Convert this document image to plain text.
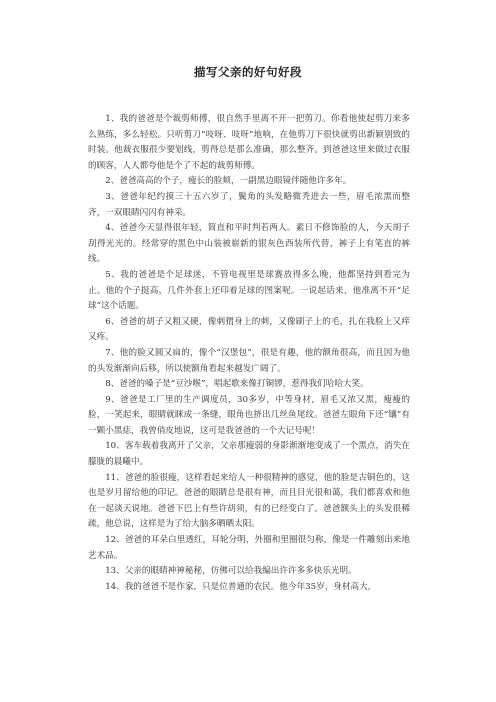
描写父亲的好句好段

1、我的爸爸是个裁剪师傅，很自然手里离不开一把剪刀。你看他使起剪刀来多么熟练，多么轻松。只听剪刀“吱呀、吱呀”地响，在他剪刀下很快就剪出新颖别致的时装。他裁衣服很少要划线，剪得总是那么准确，那么整齐。到爸爸这里来做过衣服的顾客，人人都夸他是个了不起的裁剪师傅。

2、爸爸高高的个子，瘦长的脸颊，一副黑边眼镜伴随他许多年。

3、爸爸年纪约摸三十五六岁了，鬓角的头发略微秃进去一些，眉毛浓黑而整齐，一双眼睛闪闪有神采。

4、爸爸今天显得很年轻，简直和平时判若两人。素日不修饰脸的人，今天胡子刮得光光的。经常穿的黑色中山装被崭新的银灰色西装所代替，裤子上有笔直的裤线。

5、我的爸爸是个足球迷，不管电视里是球赛放得多么晚，他都坚持到看完为止。他的个子挺高，几件外套上还印着足球的图案呢。一说起话来，他准离不开“足球”这个话题。

6、爸爸的胡子又粗又硬，像刺猬身上的刺，又像刷子上的毛，扎在我脸上又痒又疼。

7、他的脸又圆又扁的，像个“汉堡包”，很是有趣，他的额角很高，而且因为他的头发渐渐向后移，所以使额角看起来越发广阔了。

8、爸爸的嗓子是“豆沙喉”，唱起歌来像打铜锣，惹得我们哈哈大笑。

9、爸爸是工厂里的生产调度员，30多岁，中等身材，眉毛又浓又黑，瘦瘦的脸，一笑起来，眼睛就眯成一条缝，眼角也挤出几丝鱼尾纹。爸爸左眼角下还“镶”有一颗小黑痣，我曾俏皮地说，这可是我爸爸的一个大记号呢！

10、客车载着我离开了父亲，父亲那瘦弱的身影渐渐地变成了一个黑点，消失在朦胧的晨曦中。

11、爸爸的脸很瘦，这样看起来给人一种很精神的感觉，他的脸是古铜色的，这也是岁月留给他的印记。爸爸的眼睛总是很有神，而且目光很和蔼，我们都喜欢和他在一起谈天说地。爸爸下巴上有些许胡须，有的已经变白了。爸爸额头上的头发很稀疏，他总说，这样是为了给大脑多晒晒太阳。

12、爸爸的耳朵白里透红，耳轮分明，外圈和里圈很匀称，像是一件雕刻出来地艺术品。

13、父亲的眼睛神神秘秘，仿佛可以给我编出许许多多快乐光明。

14、我的爸爸不是作家，只是位普通的农民。他今年35岁，身材高大，
